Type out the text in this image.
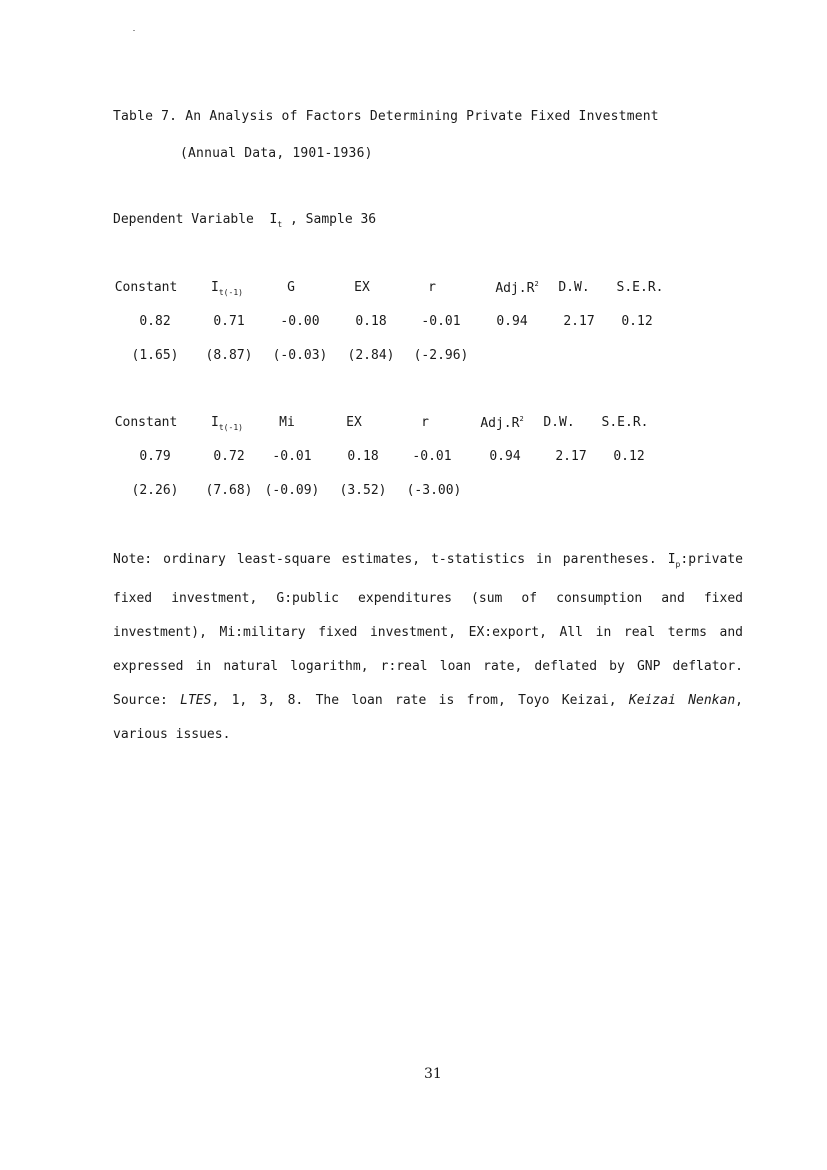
Table 7. An Analysis of Factors Determining Private Fixed Investment
(Annual Data, 1901-1936)
Dependent Variable $I_t$ , Sample 36
Constant	$I_{t(-1)}$	G	EX	r	$Adj.R^2$ D.W. S.E.R.
0.82	0.71	-0.00	0.18	-0.01	0.94	2.17 0.12
(1.65) (8.87) (-0.03) (2.84) (-2.96)
Constant	$I_{t(-1)}$	Mi	EX	r	$Adj.R^2$ D.W. S.E.R.
0.79	0.72 -0.01	0.18	-0.01	0.94	2.17 0.12
(2.26) (7.68) (-0.09) (3.52) (-3.00)
Note: ordinary least-square estimates, t-statistics in parentheses. $I_p:private$
fixed investment, G:public expenditures (sum of consumption and fixed
investment), Mi:military fixed investment, EX:export, All in real terms and
expressed in natural logarithm, r:real loan rate, deflated by GNP deflator.
Source: LTES, 1, 3, 8. The loan rate is from, Toyo Keizai, Keizai Nenkan,
various issues.
31
